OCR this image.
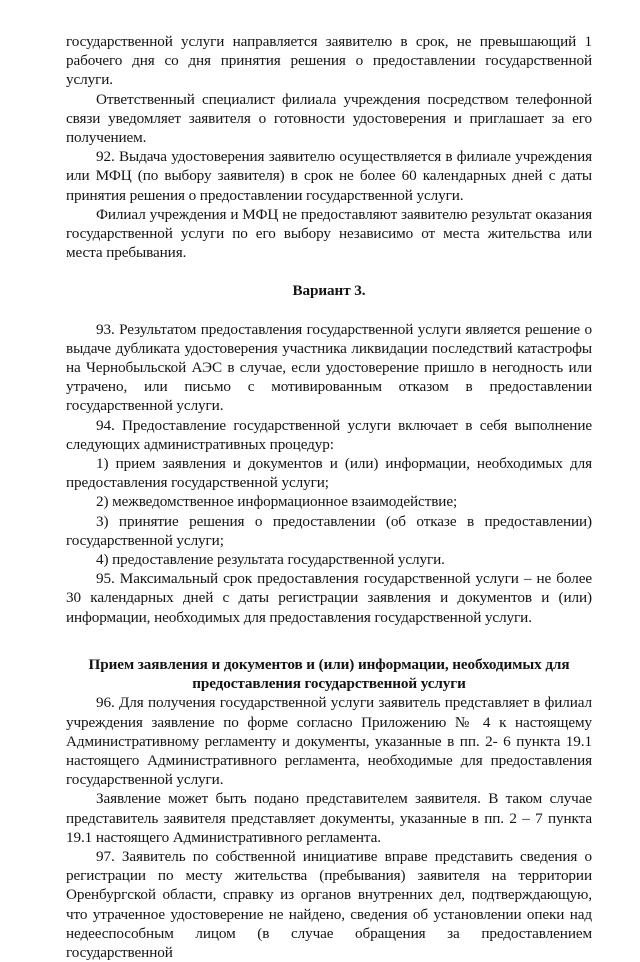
государственной услуги направляется заявителю в срок, не превышающий 1 рабочего дня со дня принятия решения о предоставлении государственной услуги.

Ответственный специалист филиала учреждения посредством телефонной связи уведомляет заявителя о готовности удостоверения и приглашает за его получением.

92. Выдача удостоверения заявителю осуществляется в филиале учреждения или МФЦ (по выбору заявителя) в срок не более 60 календарных дней с даты принятия решения о предоставлении государственной услуги.

Филиал учреждения и МФЦ не предоставляют заявителю результат оказания государственной услуги по его выбору независимо от места жительства или места пребывания.

Вариант 3.

93. Результатом предоставления государственной услуги является решение о выдаче дубликата удостоверения участника ликвидации последствий катастрофы на Чернобыльской АЭС в случае, если удостоверение пришло в негодность или утрачено, или письмо с мотивированным отказом в предоставлении государственной услуги.

94. Предоставление государственной услуги включает в себя выполнение следующих административных процедур:

1) прием заявления и документов и (или) информации, необходимых для предоставления государственной услуги;

2) межведомственное информационное взаимодействие;

3) принятие решения о предоставлении (об отказе в предоставлении) государственной услуги;

4) предоставление результата государственной услуги.

95. Максимальный срок предоставления государственной услуги – не более 30 календарных дней с даты регистрации заявления и документов и (или) информации, необходимых для предоставления государственной услуги.

Прием заявления и документов и (или) информации, необходимых для предоставления государственной услуги

96. Для получения государственной услуги заявитель представляет в филиал учреждения заявление по форме согласно Приложению № 4 к настоящему Административному регламенту и документы, указанные в пп. 2- 6 пункта 19.1 настоящего Административного регламента, необходимые для предоставления государственной услуги.

Заявление может быть подано представителем заявителя. В таком случае представитель заявителя представляет документы, указанные в пп. 2 – 7 пункта 19.1 настоящего Административного регламента.

97. Заявитель по собственной инициативе вправе представить сведения о регистрации по месту жительства (пребывания) заявителя на территории Оренбургской области, справку из органов внутренних дел, подтверждающую, что утраченное удостоверение не найдено, сведения об установлении опеки над недееспособным лицом (в случае обращения за предоставлением государственной
